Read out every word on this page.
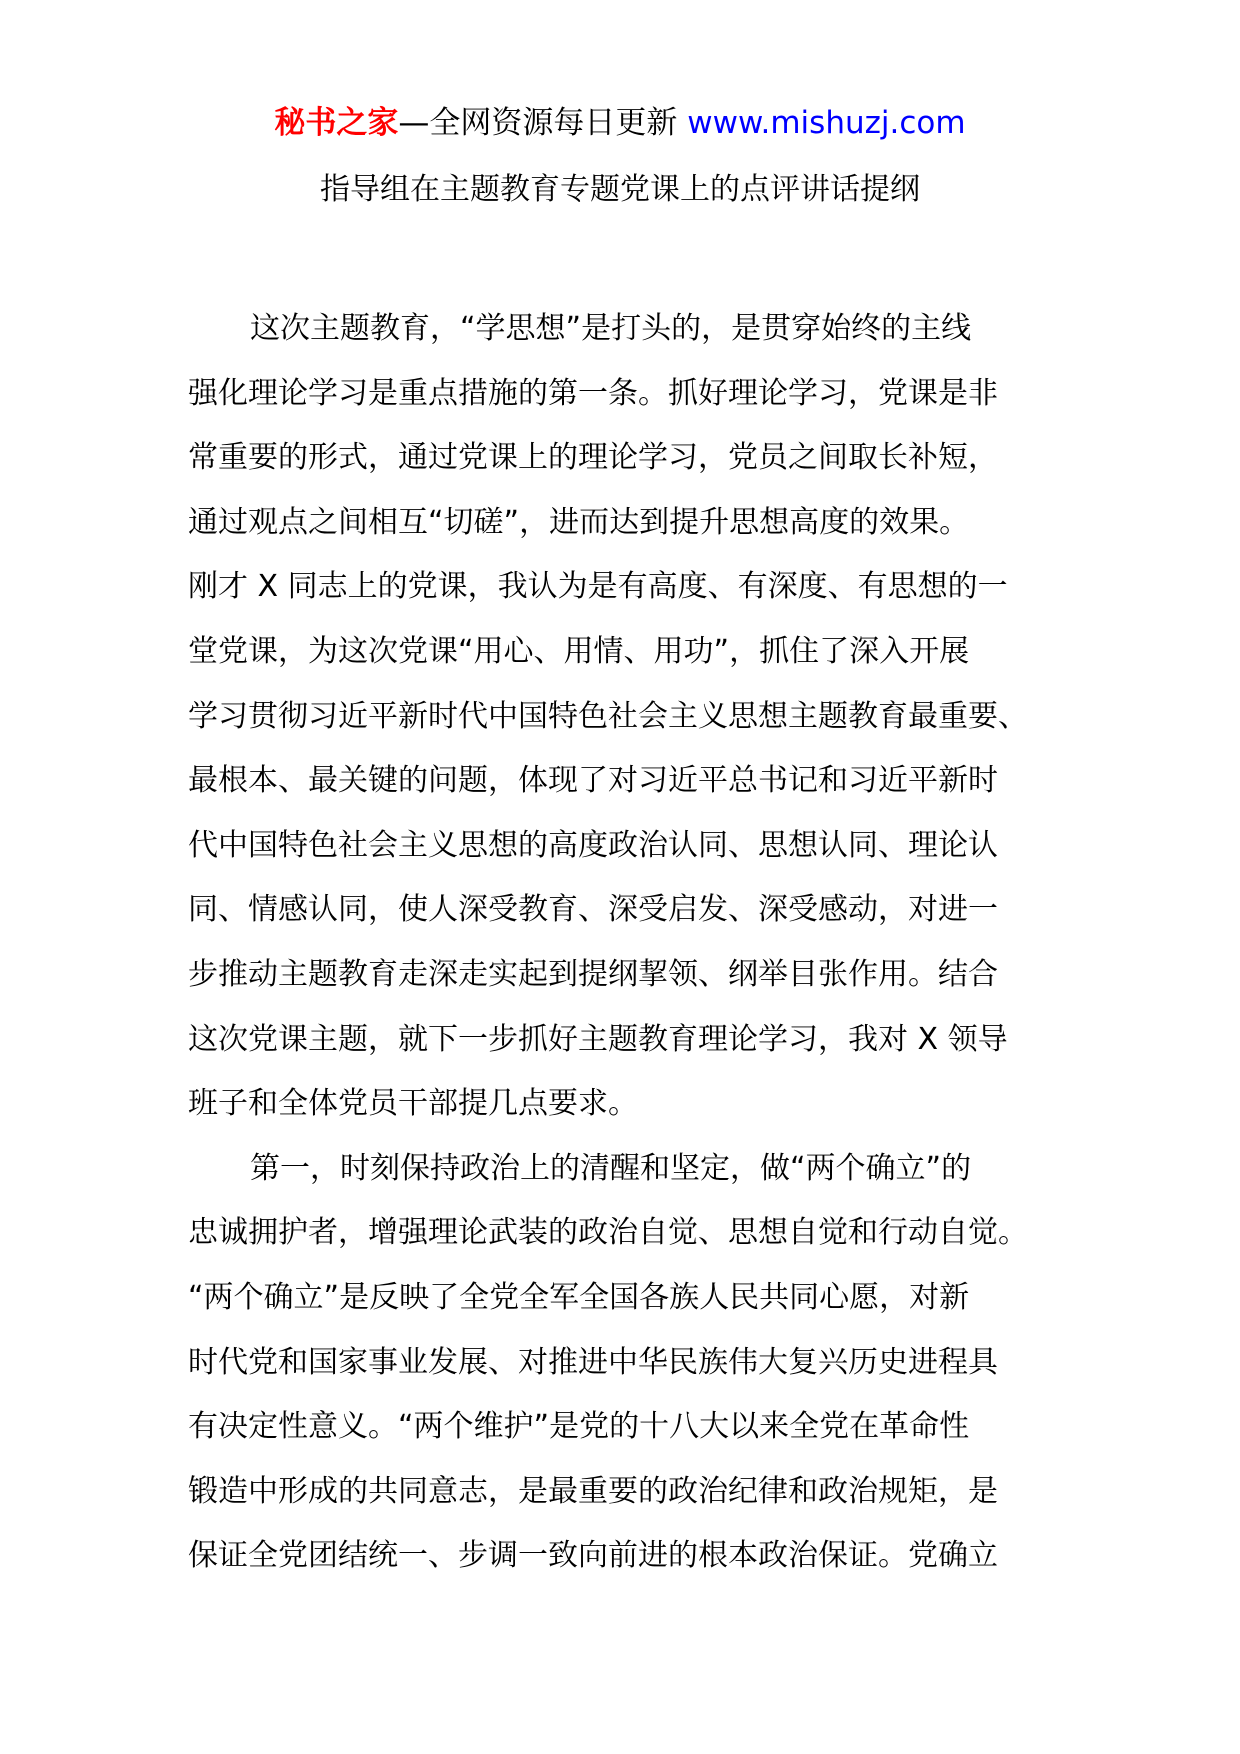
秘书之家—全网资源每日更新 www.mishuzj.com
指导组在主题教育专题党课上的点评讲话提纲
这次主题教育，“学思想”是打头的，是贯穿始终的主线
强化理论学习是重点措施的第一条。抓好理论学习，党课是非
常重要的形式，通过党课上的理论学习，党员之间取长补短，
通过观点之间相互“切磋”，进而达到提升思想高度的效果。
刚才 X 同志上的党课，我认为是有高度、有深度、有思想的一
堂党课，为这次党课“用心、用情、用功”，抓住了深入开展
学习贯彻习近平新时代中国特色社会主义思想主题教育最重要、
最根本、最关键的问题，体现了对习近平总书记和习近平新时
代中国特色社会主义思想的高度政治认同、思想认同、理论认
同、情感认同，使人深受教育、深受启发、深受感动，对进一
步推动主题教育走深走实起到提纲挈领、纲举目张作用。结合
这次党课主题，就下一步抓好主题教育理论学习，我对 X 领导
班子和全体党员干部提几点要求。
第一，时刻保持政治上的清醒和坚定，做“两个确立”的
忠诚拥护者，增强理论武装的政治自觉、思想自觉和行动自觉。
“两个确立”是反映了全党全军全国各族人民共同心愿，对新
时代党和国家事业发展、对推进中华民族伟大复兴历史进程具
有决定性意义。“两个维护”是党的十八大以来全党在革命性
锻造中形成的共同意志，是最重要的政治纪律和政治规矩，是
保证全党团结统一、步调一致向前进的根本政治保证。党确立
